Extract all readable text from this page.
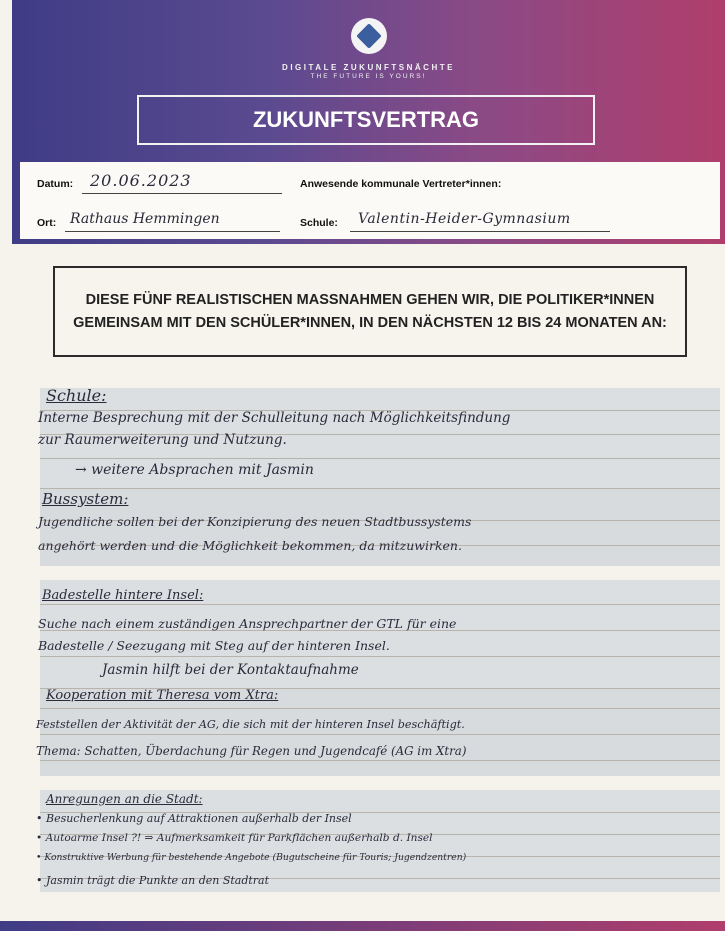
DIGITALE ZUKUNFTSNÄCHTE
THE FUTURE IS YOURS!
ZUKUNFTSVERTRAG
Datum: 20.06.2023	Anwesende kommunale Vertreter*innen:
Ort: Rathaus Hemmingen	Schule: Valentin-Heider-Gymnasium
DIESE FÜNF REALISTISCHEN MASSNAHMEN GEHEN WIR, DIE POLITIKER*INNEN GEMEINSAM MIT DEN SCHÜLER*INNEN, IN DEN NÄCHSTEN 12 BIS 24 MONATEN AN:
Schule:
Interne Besprechung mit der Schulleitung nach Möglichkeitsfindung
zur Raumerweiterung und Nutzung.
→ weitere Absprachen mit Jasmin
Bussystem:
Jugendliche sollen bei der Konzipierung des neuen Stadtbussystems
angehört werden und die Möglichkeit bekommen, da mitzuwirken.
Badestelle hintere Insel:
Suche nach einem zuständigen Ansprechpartner der GTL für eine
Badestelle / Seezugang mit Steg auf der hinteren Insel.
Jasmin hilft bei der Kontaktaufnahme
Kooperation mit Theresa vom Xtra:
Feststellen der Aktivität der AG, die sich mit der hinteren Insel beschäftigt.
Thema: Schatten, Überdachung für Regen und Jugendcafé (AG im Xtra)
Anregungen an die Stadt:
• Besucherlenkung auf Attraktionen außerhalb der Insel
• Autoarme Insel ?! ⇒ Aufmerksamkeit für Parkflächen außerhalb d. Insel
• Konstruktive Werbung für bestehende Angebote (Bugutscheine für Touris; Jugendzentren)
• Jasmin trägt die Punkte an den Stadtrat
